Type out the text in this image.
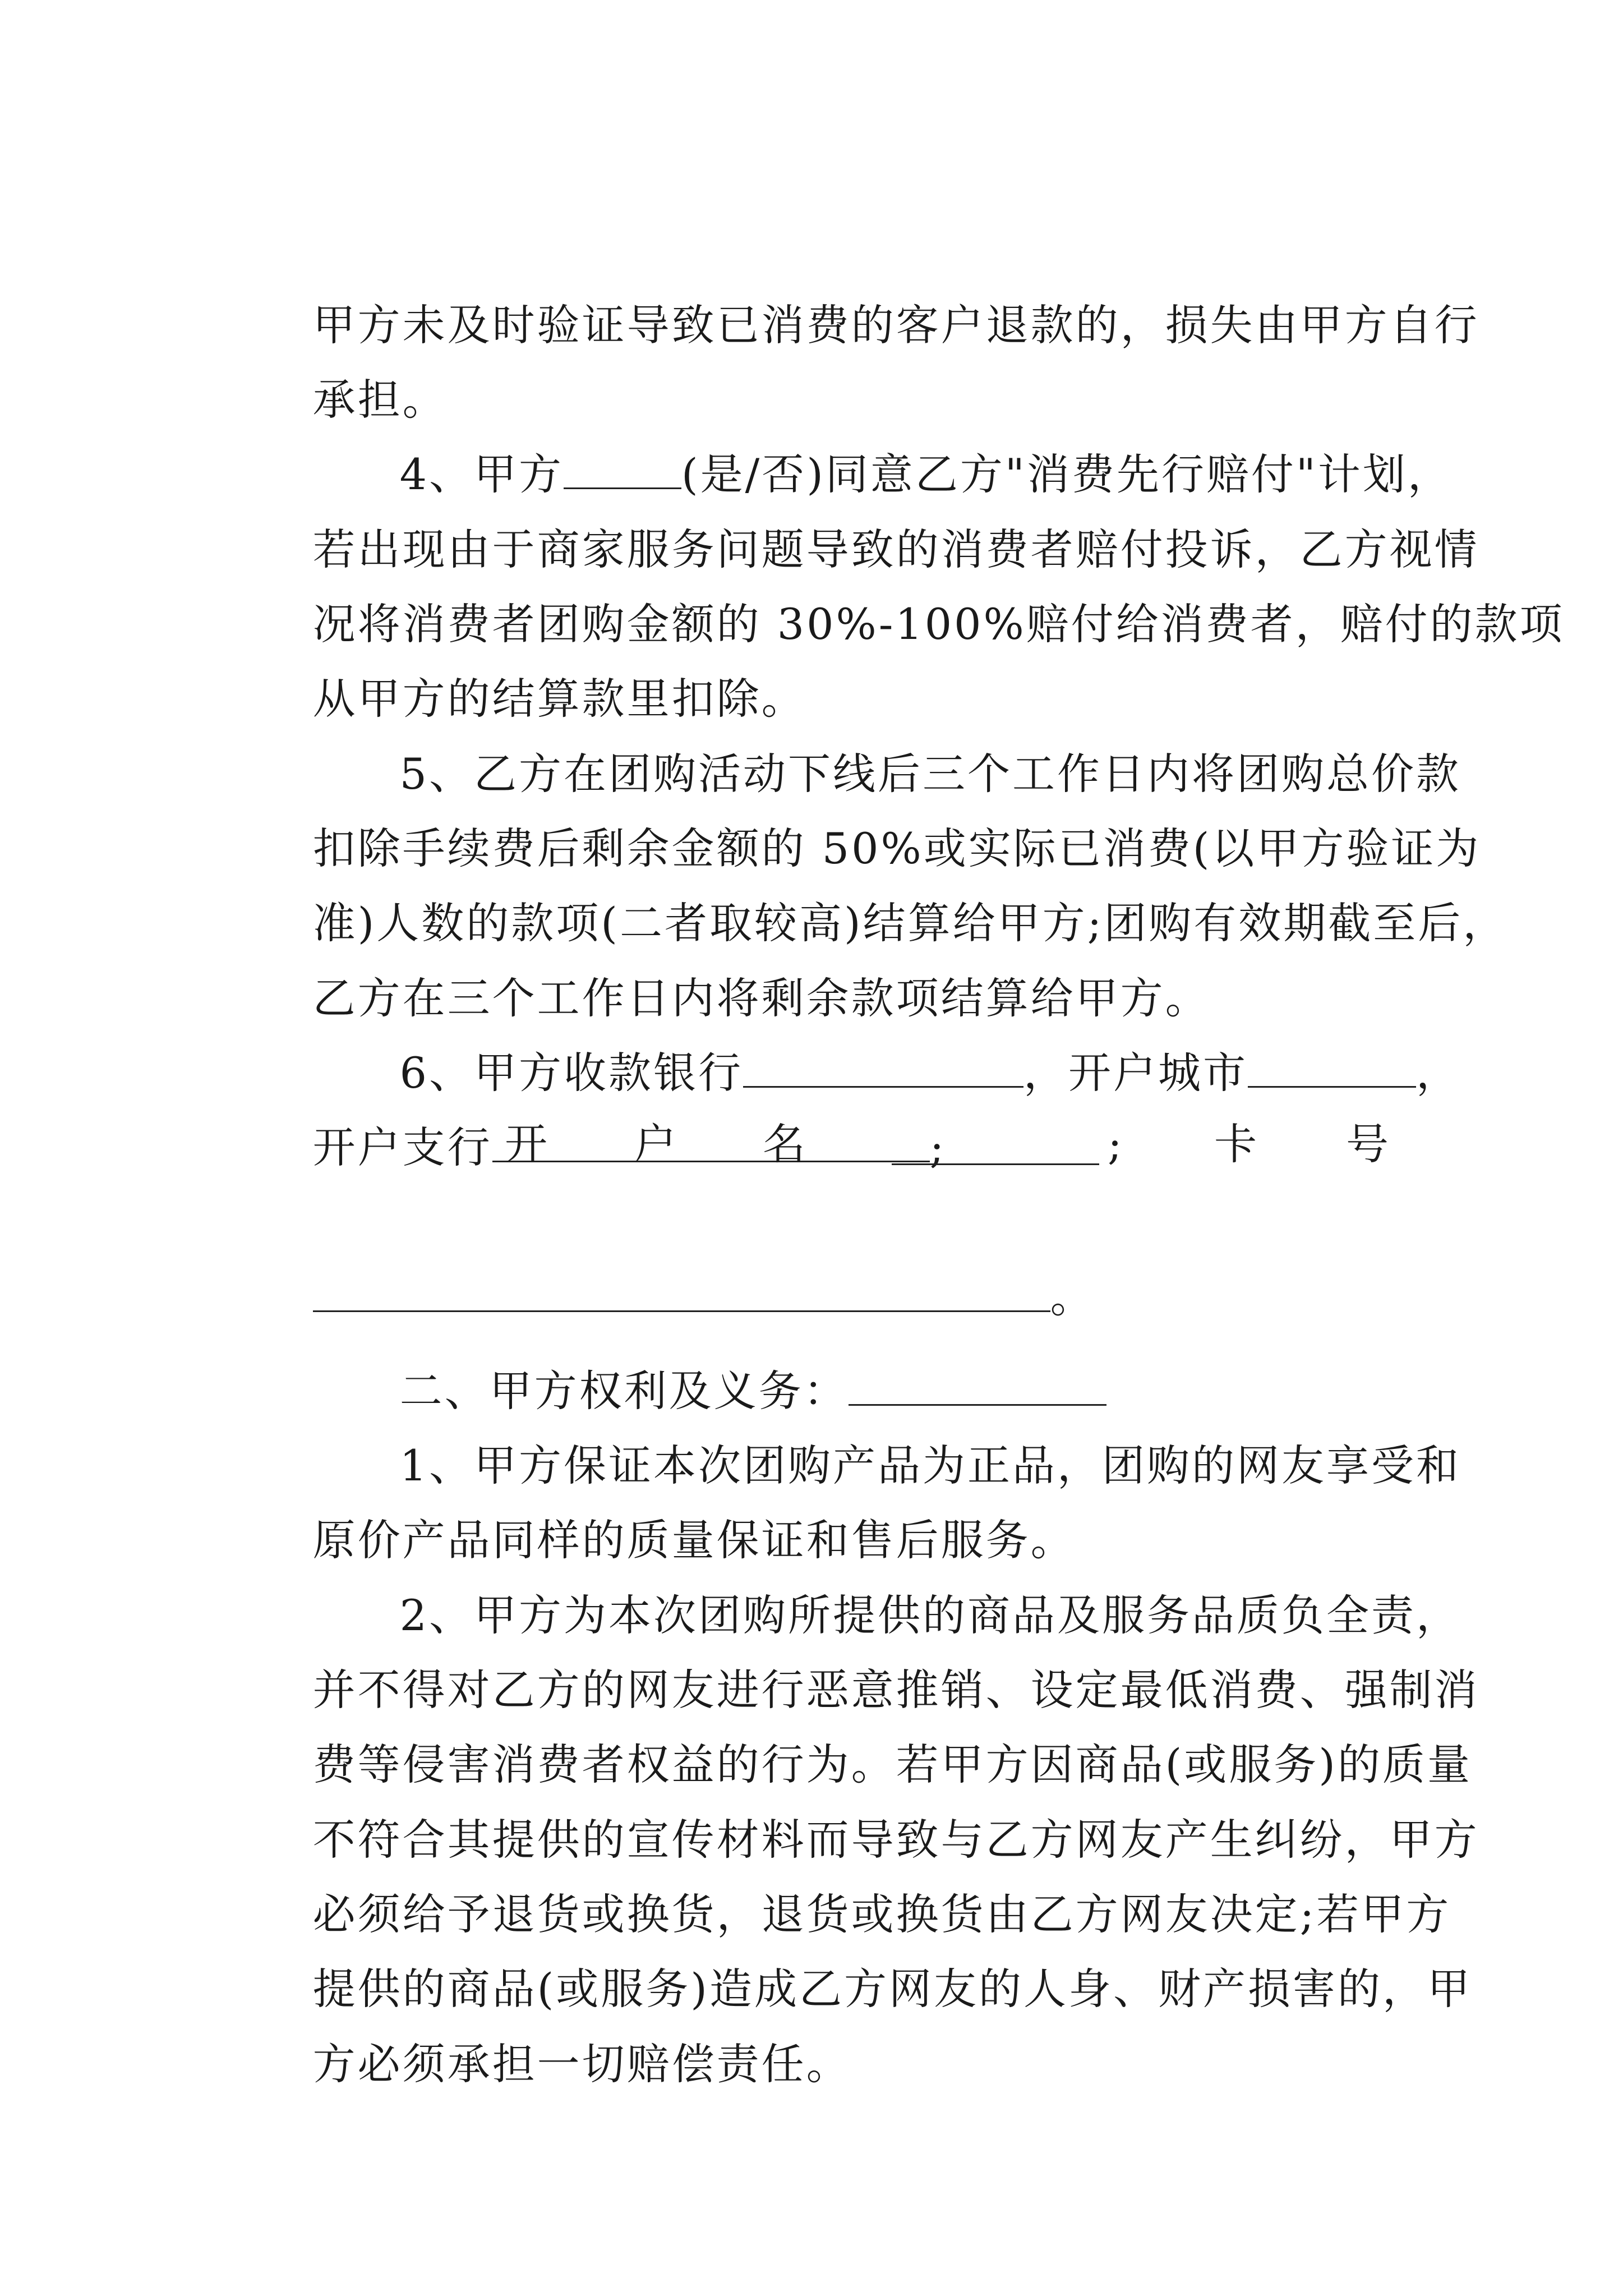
甲方未及时验证导致已消费的客户退款的，损失由甲方自行

承担。

4、甲方	(是/否)同意乙方"消费先行赔付"计划，

若出现由于商家服务问题导致的消费者赔付投诉，乙方视情

况将消费者团购金额的 30%-100%赔付给消费者，赔付的款项

从甲方的结算款里扣除。

5、乙方在团购活动下线后三个工作日内将团购总价款

扣除手续费后剩余金额的 50%或实际已消费(以甲方验证为

准)人数的款项(二者取较高)结算给甲方;团购有效期截至后，

乙方在三个工作日内将剩余款项结算给甲方。

6、甲方收款银行	，开户城市	，

开户支行	;

开

户

名

	;

卡

号

。

二、甲方权利及义务：

1、甲方保证本次团购产品为正品，团购的网友享受和

原价产品同样的质量保证和售后服务。

2、甲方为本次团购所提供的商品及服务品质负全责，

并不得对乙方的网友进行恶意推销、设定最低消费、强制消

费等侵害消费者权益的行为。若甲方因商品(或服务)的质量

不符合其提供的宣传材料而导致与乙方网友产生纠纷，甲方

必须给予退货或换货，退货或换货由乙方网友决定;若甲方

提供的商品(或服务)造成乙方网友的人身、财产损害的，甲

方必须承担一切赔偿责任。
